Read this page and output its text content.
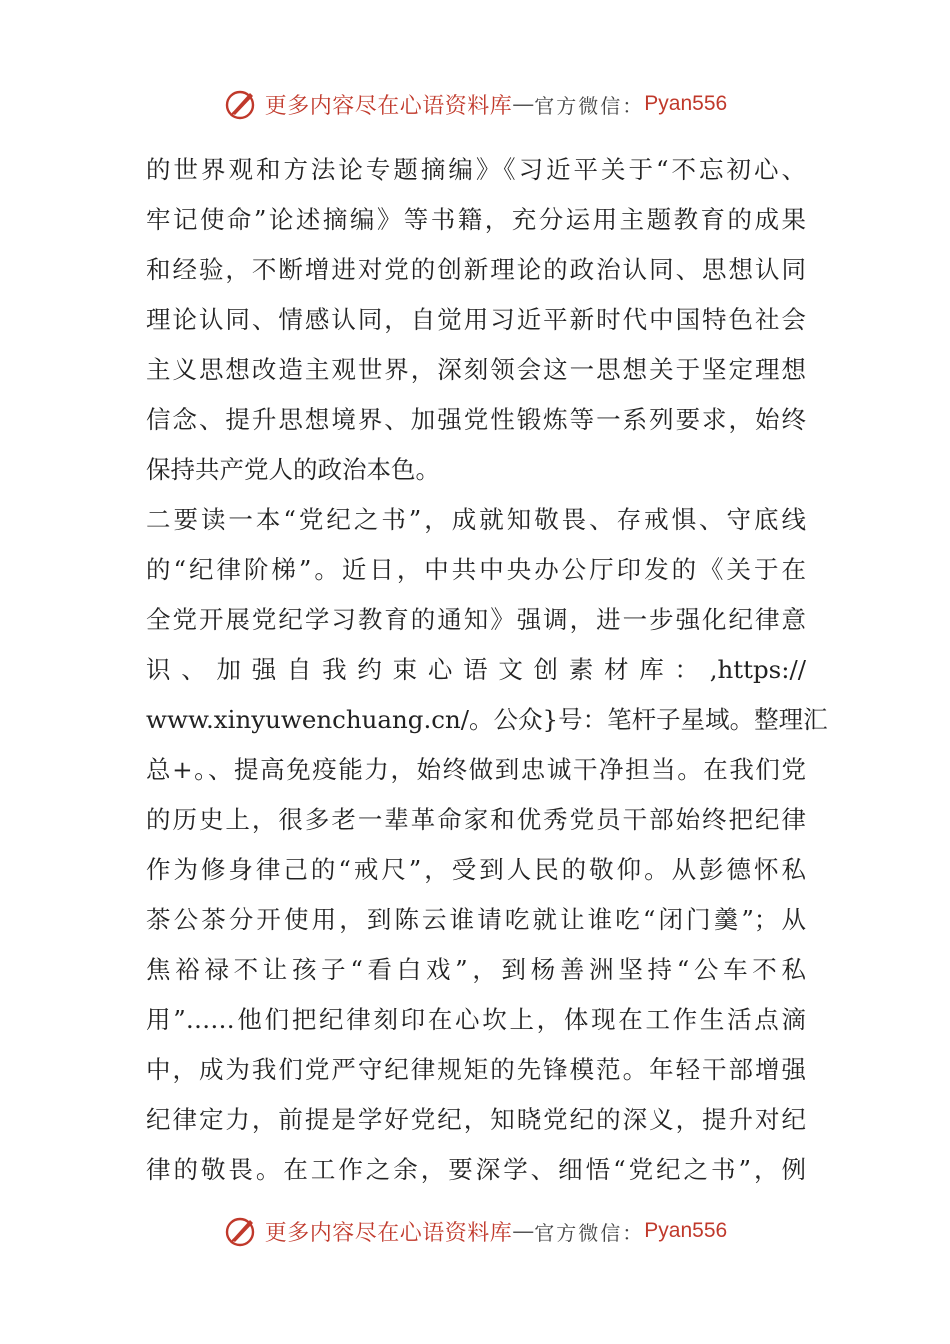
更多内容尽在心语资料库 — 官方微信： Pyan556
的世界观和方法论专题摘编》《习近平关于“不忘初心、
牢记使命”论述摘编》等书籍，充分运用主题教育的成果
和经验，不断增进对党的创新理论的政治认同、思想认同
理论认同、情感认同，自觉用习近平新时代中国特色社会
主义思想改造主观世界，深刻领会这一思想关于坚定理想
信念、提升思想境界、加强党性锻炼等一系列要求，始终
保持共产党人的政治本色。
二要读一本“党纪之书”，成就知敬畏、存戒惧、守底线
的“纪律阶梯”。近日，中共中央办公厅印发的《关于在
全党开展党纪学习教育的通知》强调，进一步强化纪律意
识、加强自我约束心语文创素材库：,https://
www.xinyuwenchuang.cn/。公众}号：笔杆子星域。整理汇
总+。、提高免疫能力，始终做到忠诚干净担当。在我们党
的历史上，很多老一辈革命家和优秀党员干部始终把纪律
作为修身律己的“戒尺”，受到人民的敬仰。从彭德怀私
茶公茶分开使用，到陈云谁请吃就让谁吃“闭门羹”；从
焦裕禄不让孩子“看白戏”，到杨善洲坚持“公车不私
用”……他们把纪律刻印在心坎上，体现在工作生活点滴
中，成为我们党严守纪律规矩的先锋模范。年轻干部增强
纪律定力，前提是学好党纪，知晓党纪的深义，提升对纪
律的敬畏。在工作之余，要深学、细悟“党纪之书”，例
更多内容尽在心语资料库 — 官方微信： Pyan556
